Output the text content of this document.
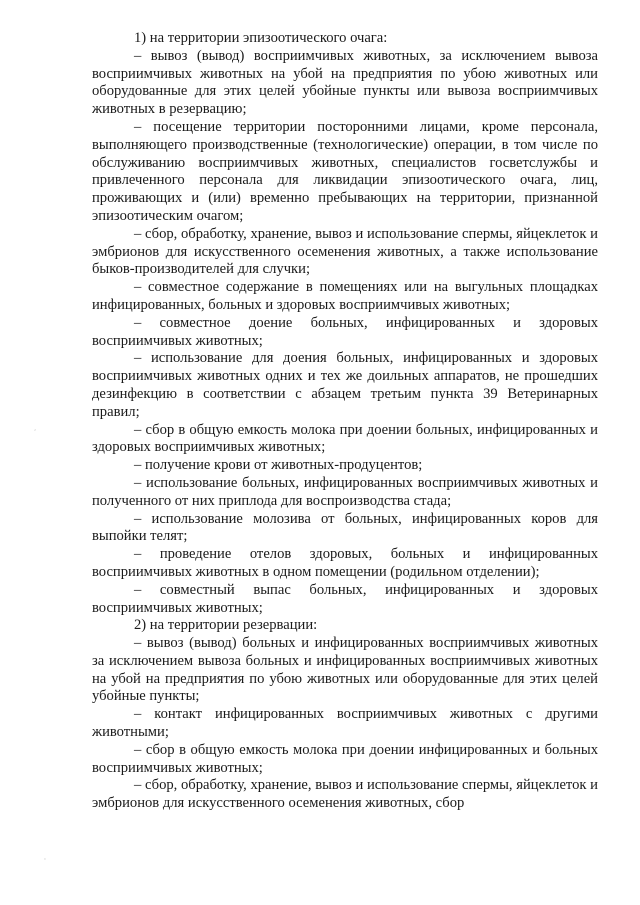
1) на территории эпизоотического очага:

– вывоз (вывод) восприимчивых животных, за исключением вывоза восприимчивых животных на убой на предприятия по убою животных или оборудованные для этих целей убойные пункты или вывоза восприимчивых животных в резервацию;

– посещение территории посторонними лицами, кроме персонала, выполняющего производственные (технологические) операции, в том числе по обслуживанию восприимчивых животных, специалистов госветслужбы и привлеченного персонала для ликвидации эпизоотического очага, лиц, проживающих и (или) временно пребывающих на территории, признанной эпизоотическим очагом;

– сбор, обработку, хранение, вывоз и использование спермы, яйцеклеток и эмбрионов для искусственного осеменения животных, а также использование быков-производителей для случки;

– совместное содержание в помещениях или на выгульных площадках инфицированных, больных и здоровых восприимчивых животных;

– совместное доение больных, инфицированных и здоровых восприимчивых животных;

– использование для доения больных, инфицированных и здоровых восприимчивых животных одних и тех же доильных аппаратов, не прошедших дезинфекцию в соответствии с абзацем третьим пункта 39 Ветеринарных правил;

– сбор в общую емкость молока при доении больных, инфицированных и здоровых восприимчивых животных;

– получение крови от животных-продуцентов;

– использование больных, инфицированных восприимчивых животных и полученного от них приплода для воспроизводства стада;

– использование молозива от больных, инфицированных коров для выпойки телят;

– проведение отелов здоровых, больных и инфицированных восприимчивых животных в одном помещении (родильном отделении);

– совместный выпас больных, инфицированных и здоровых восприимчивых животных;

2) на территории резервации:

– вывоз (вывод) больных и инфицированных восприимчивых животных за исключением вывоза больных и инфицированных восприимчивых животных на убой на предприятия по убою животных или оборудованные для этих целей убойные пункты;

– контакт инфицированных восприимчивых животных с другими животными;

– сбор в общую емкость молока при доении инфицированных и больных восприимчивых животных;

– сбор, обработку, хранение, вывоз и использование спермы, яйцеклеток и эмбрионов для искусственного осеменения животных, сбор

,
'
